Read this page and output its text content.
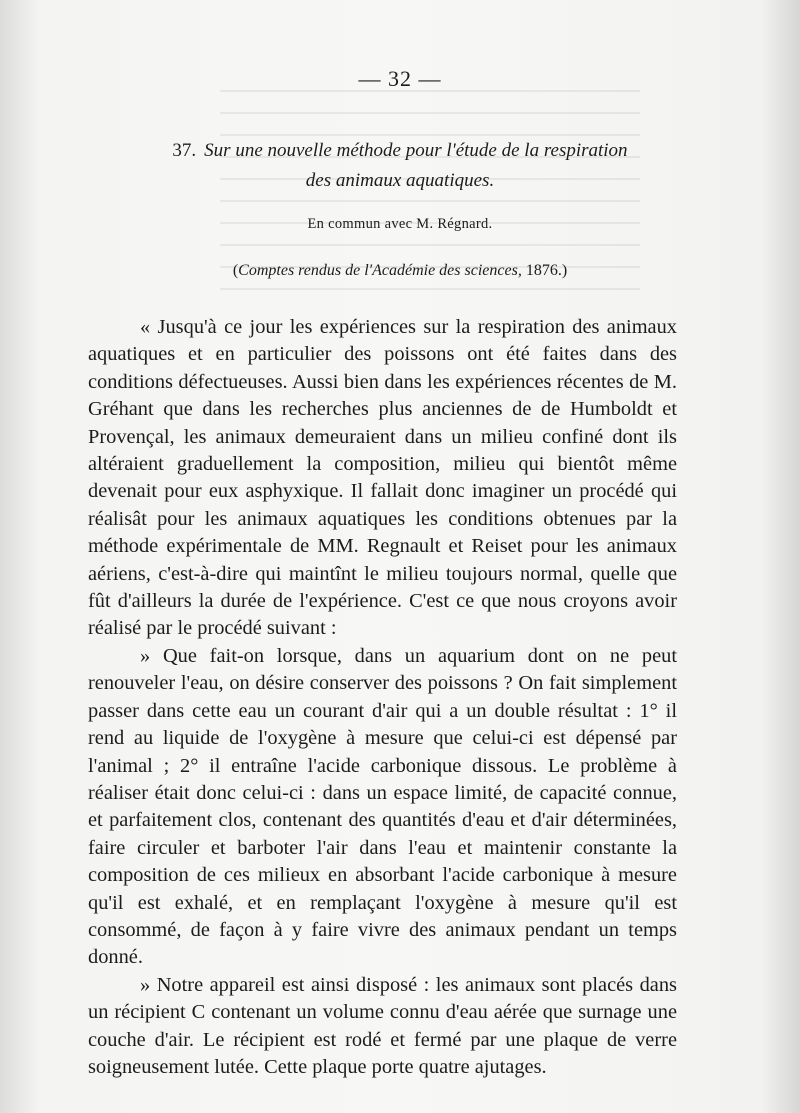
— 32 —
37. Sur une nouvelle méthode pour l'étude de la respiration
des animaux aquatiques.
En commun avec M. Régnard.
(Comptes rendus de l'Académie des sciences, 1876.)

« Jusqu'à ce jour les expériences sur la respiration des animaux aquatiques et en particulier des poissons ont été faites dans des conditions défectueuses. Aussi bien dans les expériences récentes de M. Gréhant que dans les recherches plus anciennes de de Humboldt et Provençal, les animaux demeuraient dans un milieu confiné dont ils altéraient graduellement la composition, milieu qui bientôt même devenait pour eux asphyxique. Il fallait donc imaginer un procédé qui réalisât pour les animaux aquatiques les conditions obtenues par la méthode expérimentale de MM. Regnault et Reiset pour les animaux aériens, c'est-à-dire qui maintînt le milieu toujours normal, quelle que fût d'ailleurs la durée de l'expérience. C'est ce que nous croyons avoir réalisé par le procédé suivant :

» Que fait-on lorsque, dans un aquarium dont on ne peut renouveler l'eau, on désire conserver des poissons ? On fait simplement passer dans cette eau un courant d'air qui a un double résultat : 1° il rend au liquide de l'oxygène à mesure que celui-ci est dépensé par l'animal ; 2° il entraîne l'acide carbonique dissous. Le problème à réaliser était donc celui-ci : dans un espace limité, de capacité connue, et parfaitement clos, contenant des quantités d'eau et d'air déterminées, faire circuler et barboter l'air dans l'eau et maintenir constante la composition de ces milieux en absorbant l'acide carbonique à mesure qu'il est exhalé, et en remplaçant l'oxygène à mesure qu'il est consommé, de façon à y faire vivre des animaux pendant un temps donné.

» Notre appareil est ainsi disposé : les animaux sont placés dans un récipient C contenant un volume connu d'eau aérée que surnage une couche d'air. Le récipient est rodé et fermé par une plaque de verre soigneusement lutée. Cette plaque porte quatre ajutages.
